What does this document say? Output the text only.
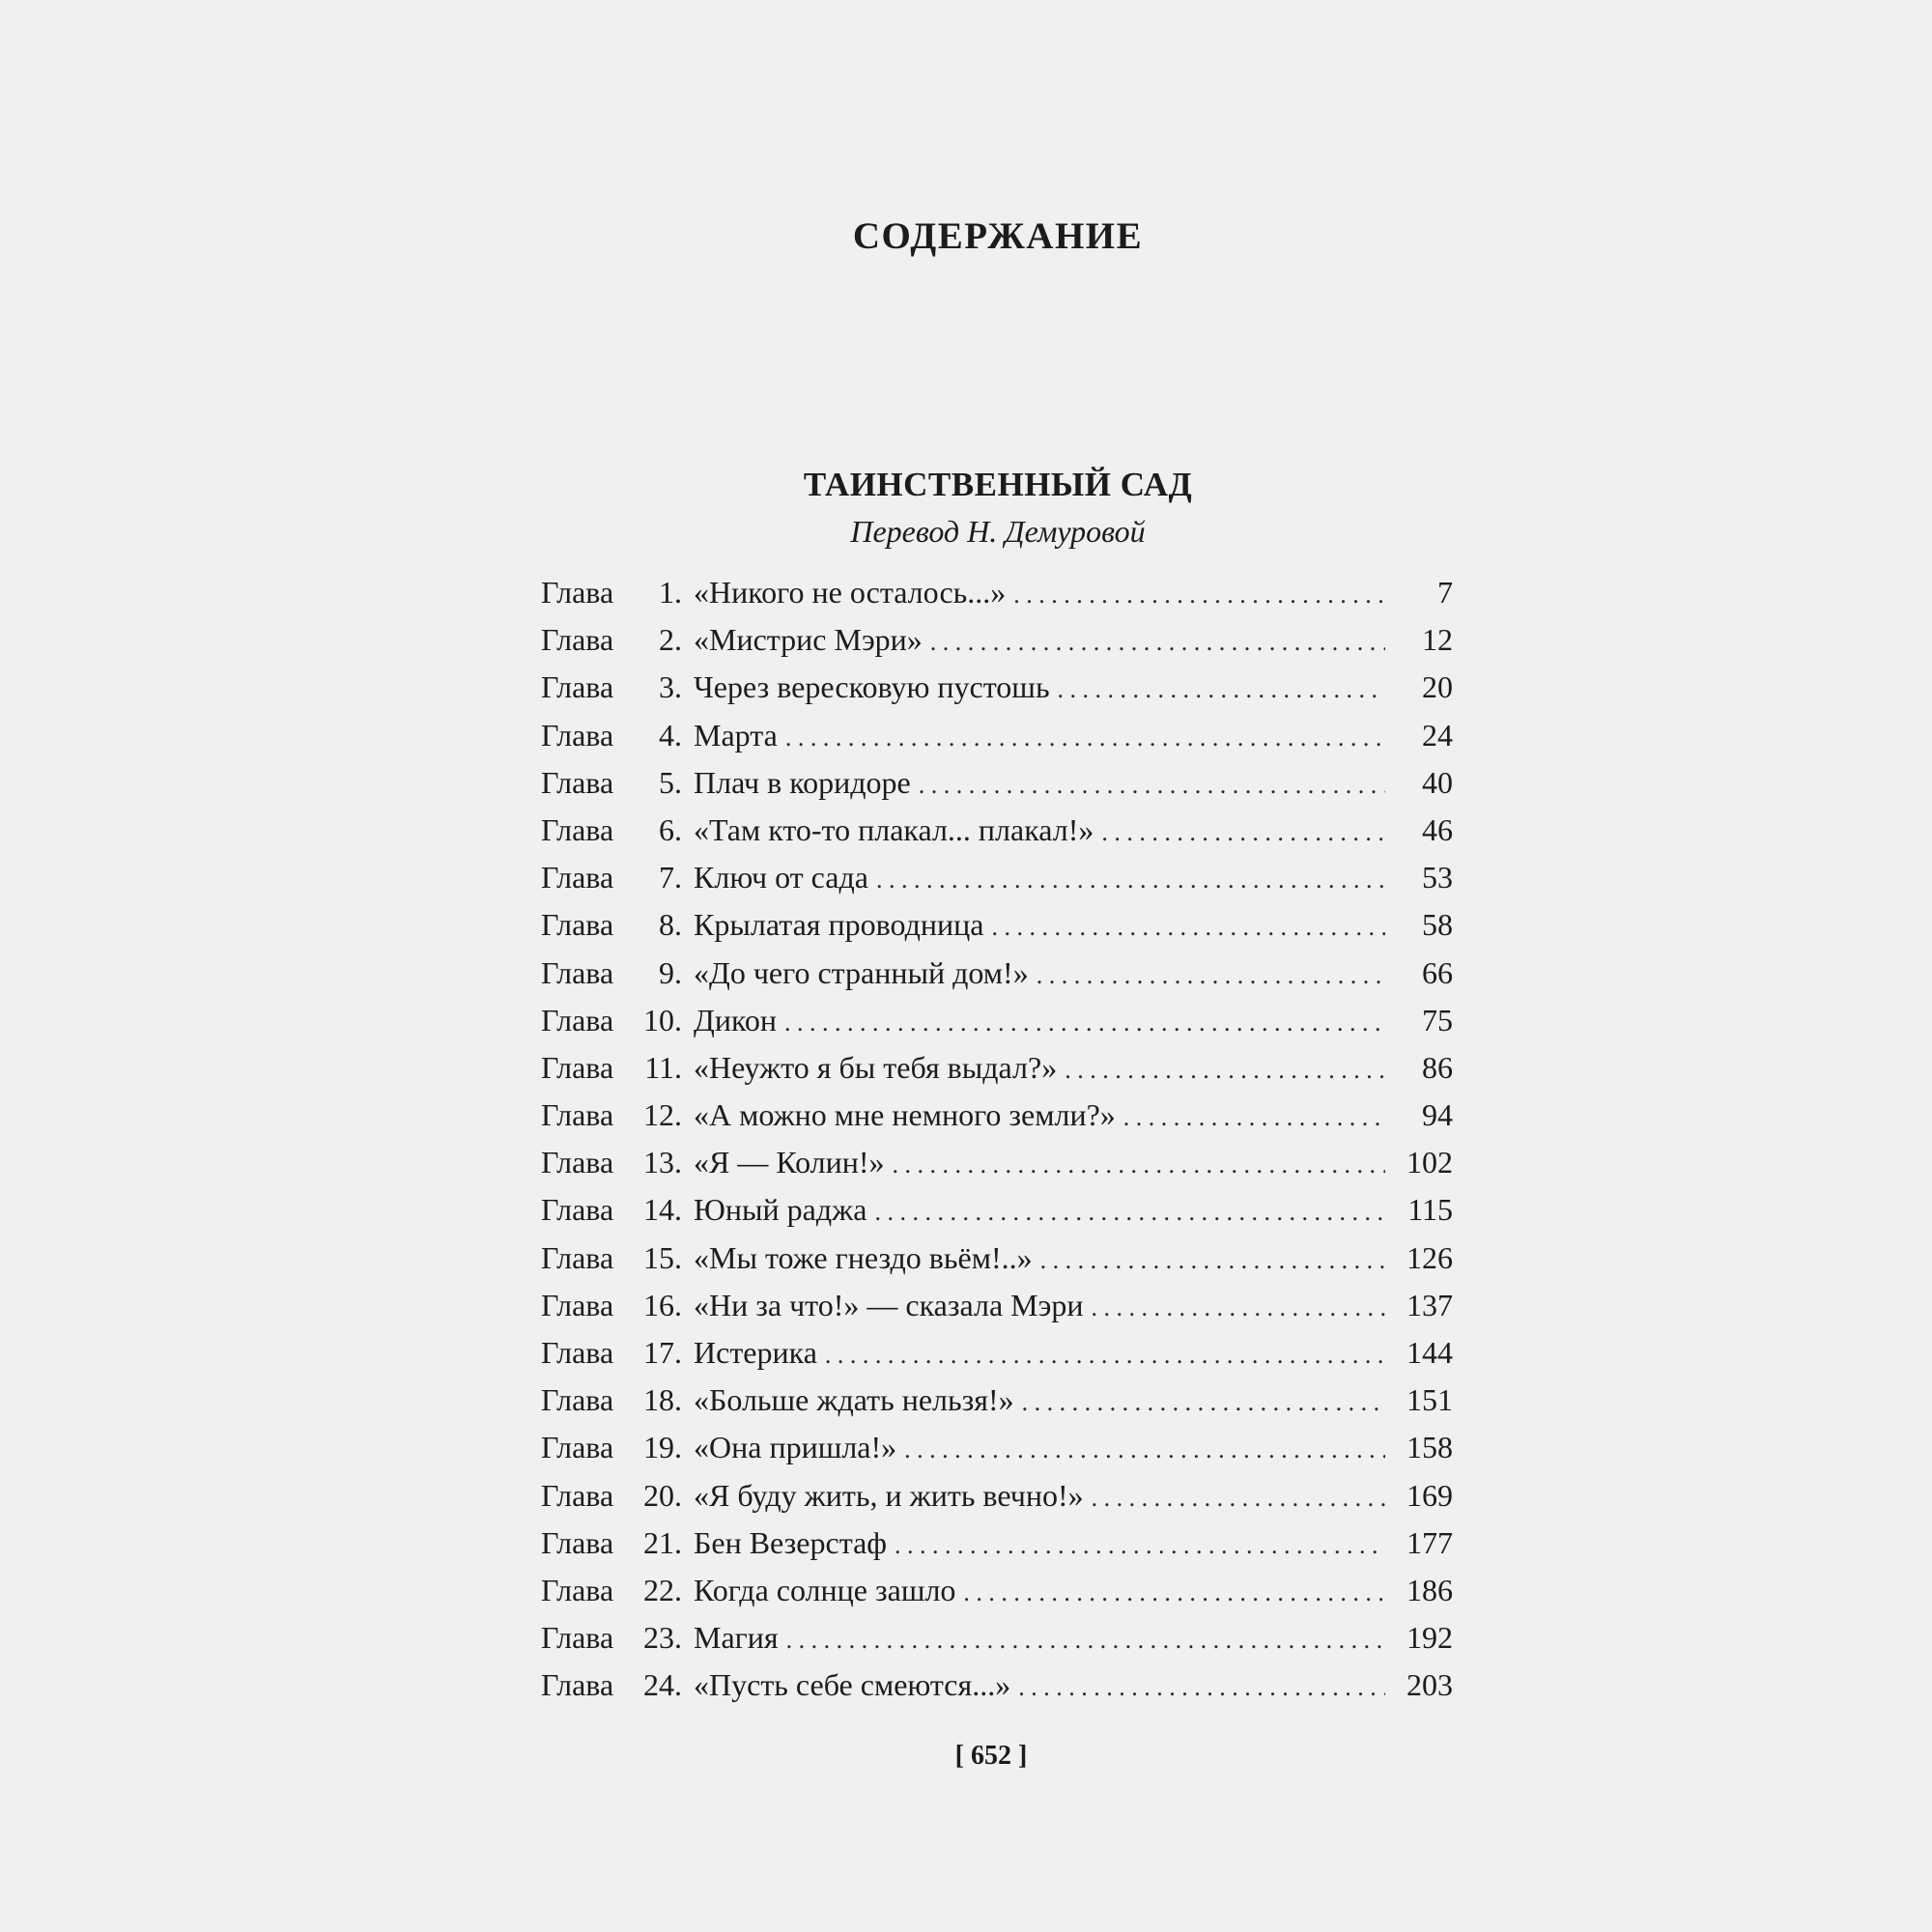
СОДЕРЖАНИЕ
ТАИНСТВЕННЫЙ САД

Перевод Н. Демуровой

Глава	1 . «Никого не осталось...» .....	7
Глава	2 . «Мистрис Мэри» .....	12
Глава	3 . Через вересковую пустошь .....	20
Глава	4 . Марта .....	24
Глава	5 . Плач в коридоре .....	40
Глава	6 . «Там кто-то плакал... плакал!» .....	46
Глава	7 . Ключ от сада .....	53
Глава	8 . Крылатая проводница .....	58
Глава	9 . «До чего странный дом!» .....	66
Глава 10 . Дикон .....	75
Глава	11 . «Неужто я бы тебя выдал?» .....	86
Глава 12 . «А можно мне немного земли?» .....	94
Глава 13 . «Я — Колин!» .....	102
Глава 14 . Юный раджа .....	115
Глава 15 . «Мы тоже гнездо вьём!..» .....	126
Глава 16 . «Ни за что!» — сказала Мэри .....	137
Глава 17 . Истерика .....	144
Глава 18 . «Больше ждать нельзя!» .....	151
Глава 19 . «Она пришла!» .....	158
Глава 20 . «Я буду жить, и жить вечно!» .....	169
Глава 21 . Бен Везерстаф .....	177
Глава 22 . Когда солнце зашло .....	186
Глава 23 . Магия .....	192
Глава 24 . «Пусть себе смеются...» .....	203

[ 652 ]
